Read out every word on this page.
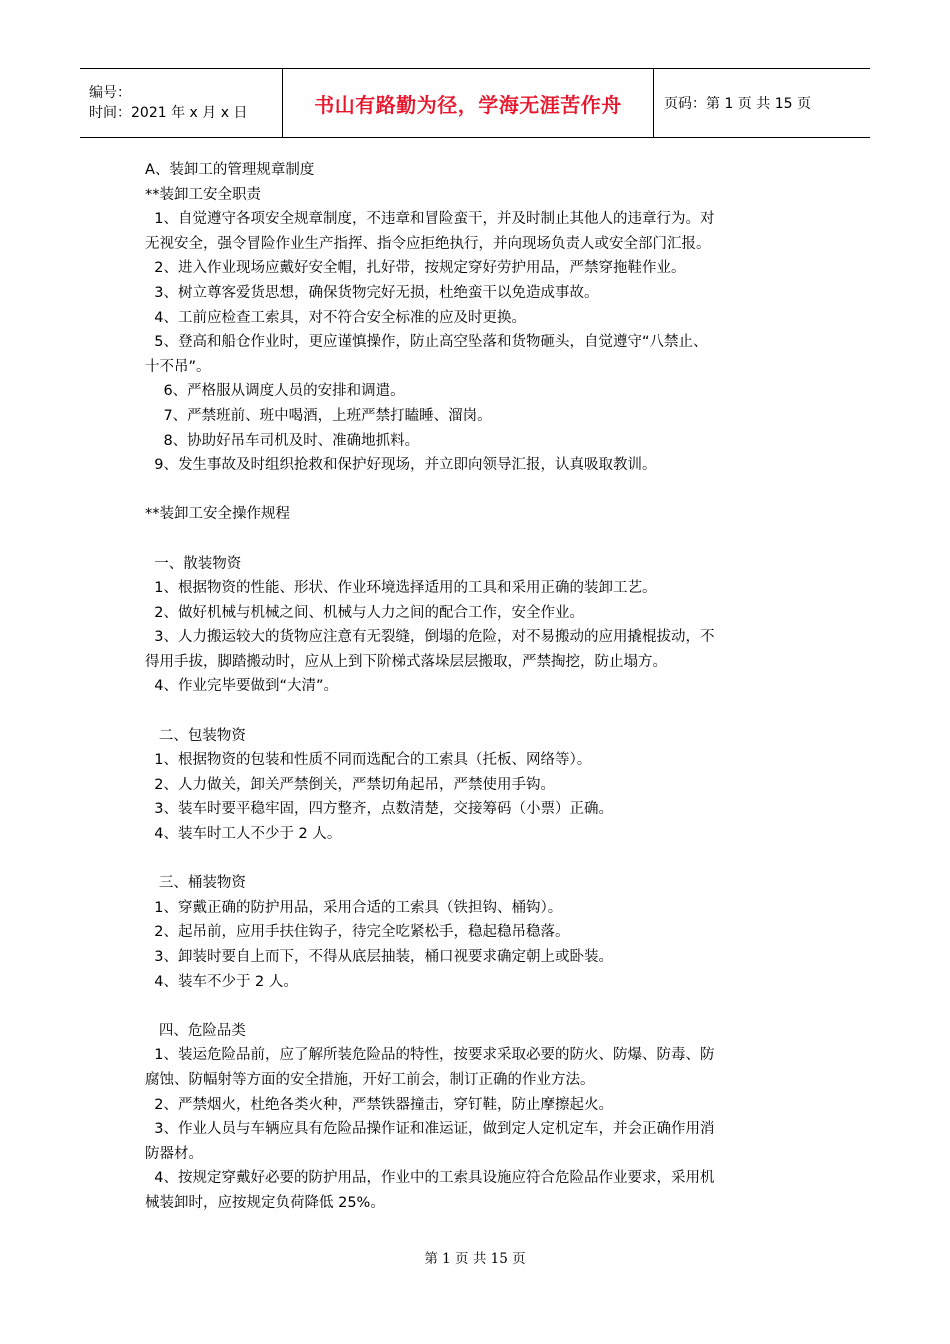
编号：
时间：2021 年 x 月 x 日	书山有路勤为径，学海无涯苦作舟	页码：第 1 页 共 15 页

A、装卸工的管理规章制度

**装卸工安全职责

1、自觉遵守各项安全规章制度，不违章和冒险蛮干，并及时制止其他人的违章行为。对

无视安全，强令冒险作业生产指挥、指令应拒绝执行，并向现场负责人或安全部门汇报。

2、进入作业现场应戴好安全帽，扎好带，按规定穿好劳护用品，严禁穿拖鞋作业。

3、树立尊客爱货思想，确保货物完好无损，杜绝蛮干以免造成事故。

4、工前应检查工索具，对不符合安全标准的应及时更换。

5、登高和船仓作业时，更应谨慎操作，防止高空坠落和货物砸头，自觉遵守“八禁止、

十不吊”。

6、严格服从调度人员的安排和调遣。

7、严禁班前、班中喝酒，上班严禁打瞌睡、溜岗。

8、协助好吊车司机及时、准确地抓料。

9、发生事故及时组织抢救和保护好现场，并立即向领导汇报，认真吸取教训。

**装卸工安全操作规程

一、散装物资

1、根据物资的性能、形状、作业环境选择适用的工具和采用正确的装卸工艺。

2、做好机械与机械之间、机械与人力之间的配合工作，安全作业。

3、人力搬运较大的货物应注意有无裂缝，倒塌的危险，对不易搬动的应用撬棍拔动，不

得用手拔，脚踏搬动时，应从上到下阶梯式落垛层层搬取，严禁掏挖，防止塌方。

4、作业完毕要做到“大清”。

二、包装物资

1、根据物资的包装和性质不同而选配合的工索具（托板、网络等）。

2、人力做关，卸关严禁倒关，严禁切角起吊，严禁使用手钩。

3、装车时要平稳牢固，四方整齐，点数清楚，交接筹码（小票）正确。

4、装车时工人不少于 2 人。

三、桶装物资

1、穿戴正确的防护用品，采用合适的工索具（铁担钩、桶钩）。

2、起吊前，应用手扶住钩子，待完全吃紧松手，稳起稳吊稳落。

3、卸装时要自上而下，不得从底层抽装，桶口视要求确定朝上或卧装。

4、装车不少于 2 人。

四、危险品类

1、装运危险品前，应了解所装危险品的特性，按要求采取必要的防火、防爆、防毒、防

腐蚀、防幅射等方面的安全措施，开好工前会，制订正确的作业方法。

2、严禁烟火，杜绝各类火种，严禁铁器撞击，穿钉鞋，防止摩擦起火。

3、作业人员与车辆应具有危险品操作证和准运证，做到定人定机定车，并会正确作用消

防器材。

4、按规定穿戴好必要的防护用品，作业中的工索具设施应符合危险品作业要求，采用机

械装卸时，应按规定负荷降低 25%。

第 1 页 共 15 页
